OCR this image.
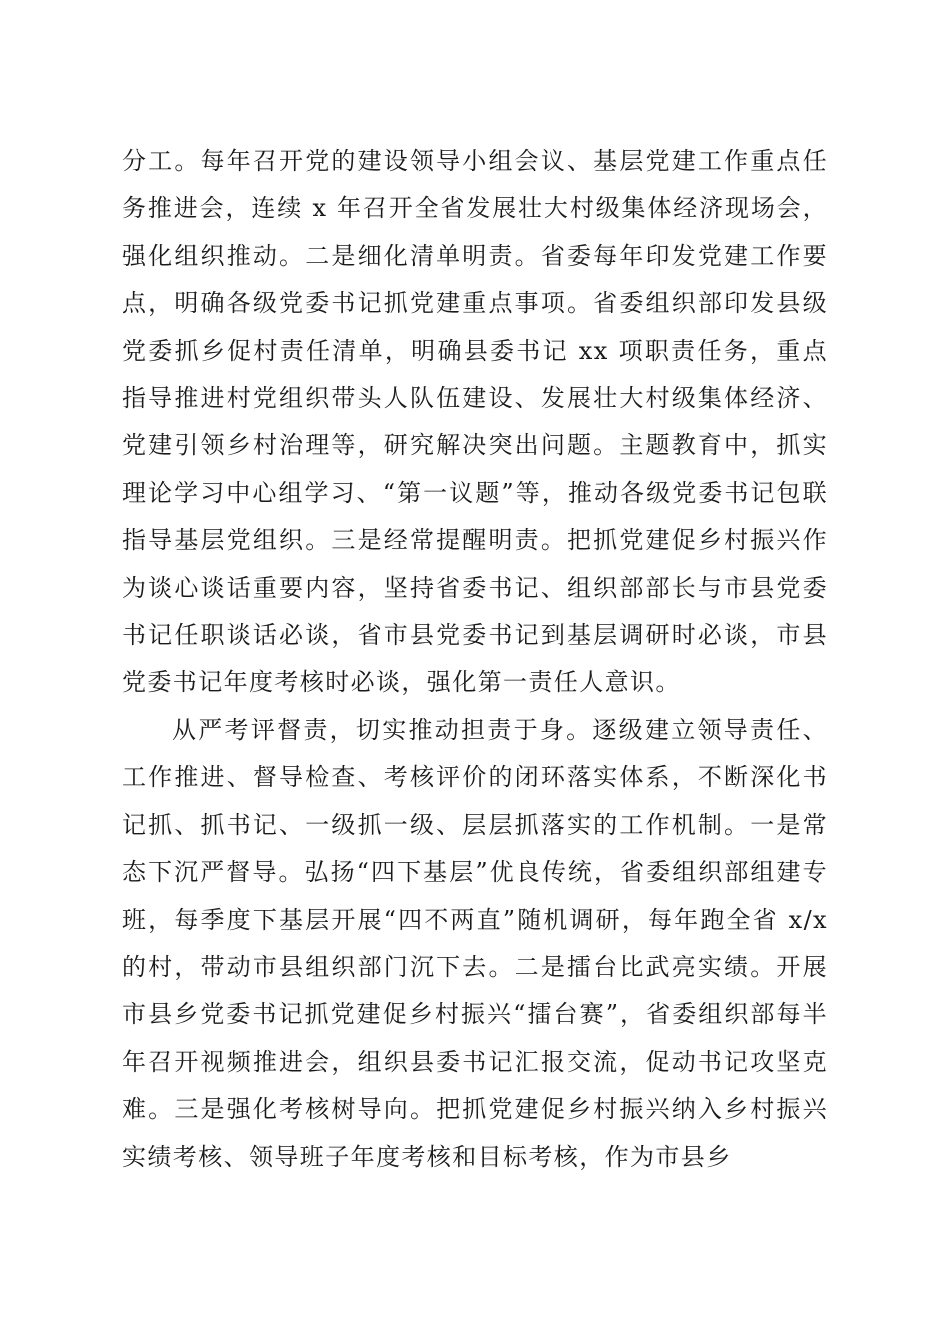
分工。每年召开党的建设领导小组会议、基层党建工作重点任务推进会，连续 x 年召开全省发展壮大村级集体经济现场会，强化组织推动。二是细化清单明责。省委每年印发党建工作要点，明确各级党委书记抓党建重点事项。省委组织部印发县级党委抓乡促村责任清单，明确县委书记 xx 项职责任务，重点指导推进村党组织带头人队伍建设、发展壮大村级集体经济、党建引领乡村治理等，研究解决突出问题。主题教育中，抓实理论学习中心组学习、“第一议题”等，推动各级党委书记包联指导基层党组织。三是经常提醒明责。把抓党建促乡村振兴作为谈心谈话重要内容，坚持省委书记、组织部部长与市县党委书记任职谈话必谈，省市县党委书记到基层调研时必谈，市县党委书记年度考核时必谈，强化第一责任人意识。

从严考评督责，切实推动担责于身。逐级建立领导责任、工作推进、督导检查、考核评价的闭环落实体系，不断深化书记抓、抓书记、一级抓一级、层层抓落实的工作机制。一是常态下沉严督导。弘扬“四下基层”优良传统，省委组织部组建专班，每季度下基层开展“四不两直”随机调研，每年跑全省 x/x 的村，带动市县组织部门沉下去。二是擂台比武亮实绩。开展市县乡党委书记抓党建促乡村振兴“擂台赛”，省委组织部每半年召开视频推进会，组织县委书记汇报交流，促动书记攻坚克难。三是强化考核树导向。把抓党建促乡村振兴纳入乡村振兴实绩考核、领导班子年度考核和目标考核，作为市县乡
